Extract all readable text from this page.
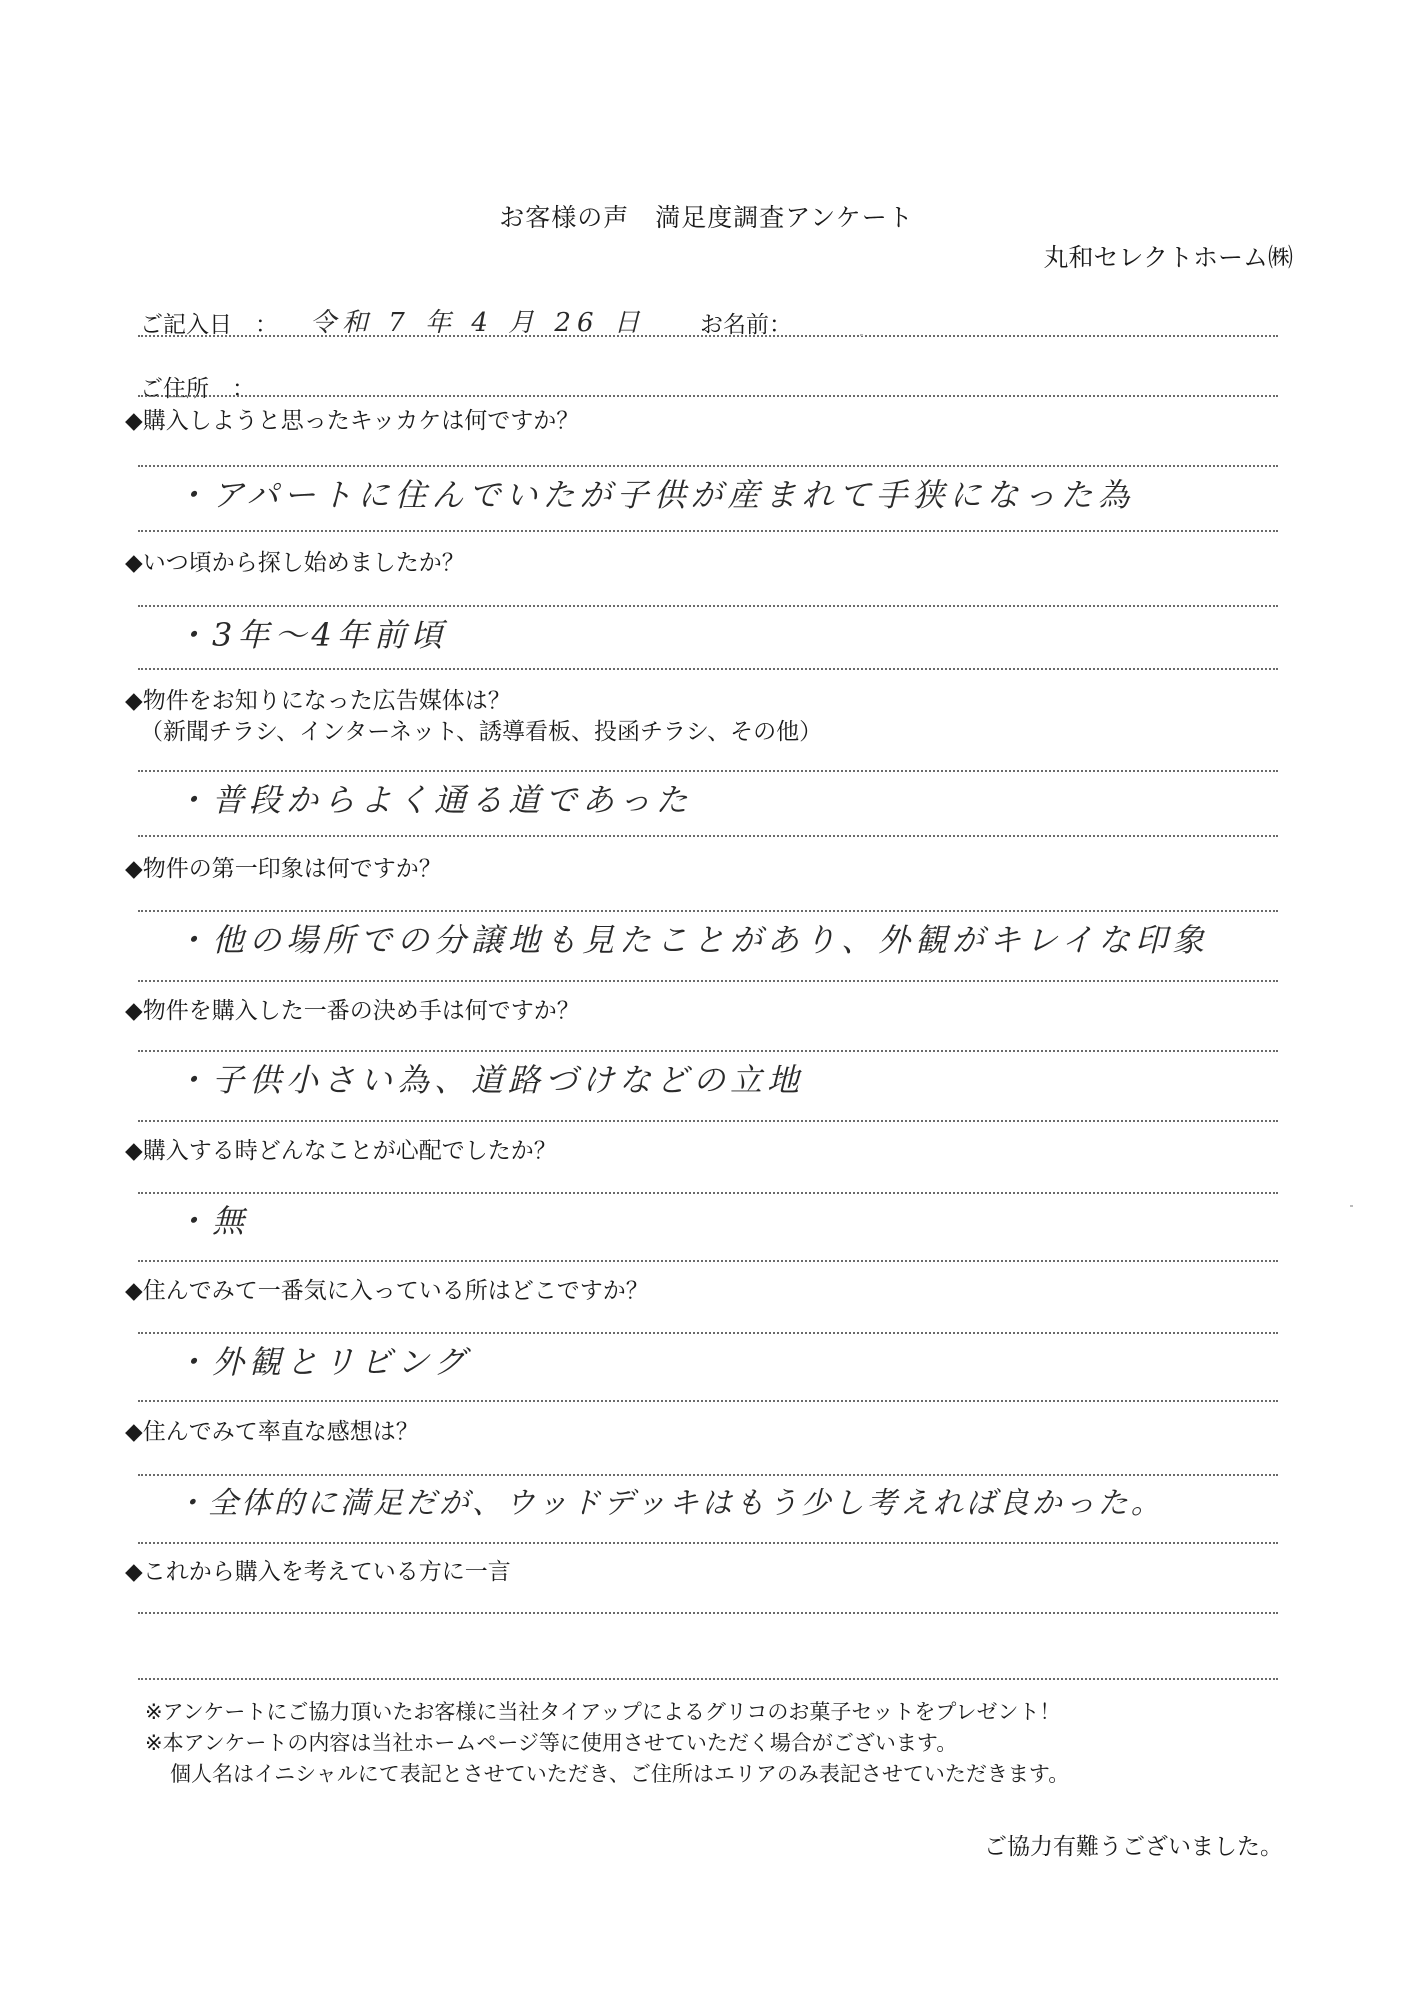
お客様の声　満足度調査アンケート
丸和セレクトホーム㈱
ご記入日　： 令和 7 年 4 月 26 日 お名前：
ご住所　：
◆購入しようと思ったキッカケは何ですか？
・アパートに住んでいたが子供が産まれて手狭になった為
◆いつ頃から探し始めましたか？
・3年～4年前頃
◆物件をお知りになった広告媒体は？
（新聞チラシ、インターネット、誘導看板、投函チラシ、その他）
・普段からよく通る道であった
◆物件の第一印象は何ですか？
・他の場所での分譲地も見たことがあり、外観がキレイな印象
◆物件を購入した一番の決め手は何ですか？
・子供小さい為、道路づけなどの立地
◆購入する時どんなことが心配でしたか？
・無
◆住んでみて一番気に入っている所はどこですか？
・外観とリビング
◆住んでみて率直な感想は？
・全体的に満足だが、ウッドデッキはもう少し考えれば良かった。
◆これから購入を考えている方に一言
※アンケートにご協力頂いたお客様に当社タイアップによるグリコのお菓子セットをプレゼント！
※本アンケートの内容は当社ホームページ等に使用させていただく場合がございます。
個人名はイニシャルにて表記とさせていただき、ご住所はエリアのみ表記させていただきます。
ご協力有難うございました。
